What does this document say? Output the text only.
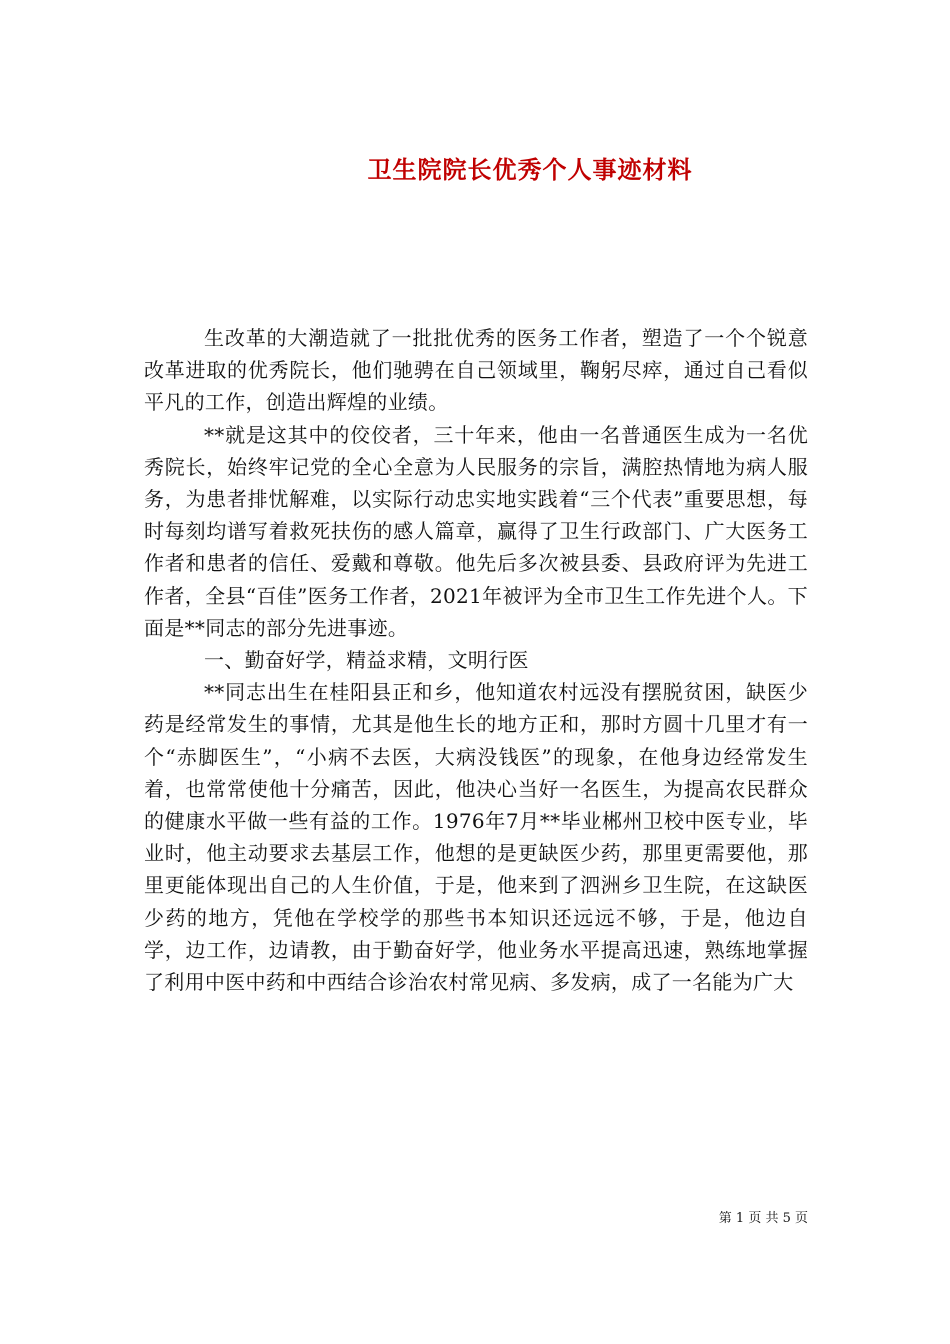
卫生院院长优秀个人事迹材料

生改革的大潮造就了一批批优秀的医务工作者，塑造了一个个锐意改革进取的优秀院长，他们驰骋在自己领域里，鞠躬尽瘁，通过自己看似平凡的工作，创造出辉煌的业绩。

**就是这其中的佼佼者，三十年来，他由一名普通医生成为一名优秀院长，始终牢记党的全心全意为人民服务的宗旨，满腔热情地为病人服务，为患者排忧解难，以实际行动忠实地实践着“三个代表”重要思想，每时每刻均谱写着救死扶伤的感人篇章，赢得了卫生行政部门、广大医务工作者和患者的信任、爱戴和尊敬。他先后多次被县委、县政府评为先进工作者，全县“百佳”医务工作者，2021年被评为全市卫生工作先进个人。下面是**同志的部分先进事迹。

一、勤奋好学，精益求精，文明行医

**同志出生在桂阳县正和乡，他知道农村远没有摆脱贫困，缺医少药是经常发生的事情，尤其是他生长的地方正和，那时方圆十几里才有一个“赤脚医生”，“小病不去医，大病没钱医”的现象，在他身边经常发生着，也常常使他十分痛苦，因此，他决心当好一名医生，为提高农民群众的健康水平做一些有益的工作。1976年7月**毕业郴州卫校中医专业，毕业时，他主动要求去基层工作，他想的是更缺医少药，那里更需要他，那里更能体现出自己的人生价值，于是，他来到了泗洲乡卫生院，在这缺医少药的地方，凭他在学校学的那些书本知识还远远不够，于是，他边自学，边工作，边请教，由于勤奋好学，他业务水平提高迅速，熟练地掌握了利用中医中药和中西结合诊治农村常见病、多发病，成了一名能为广大

第 1 页 共 5 页
